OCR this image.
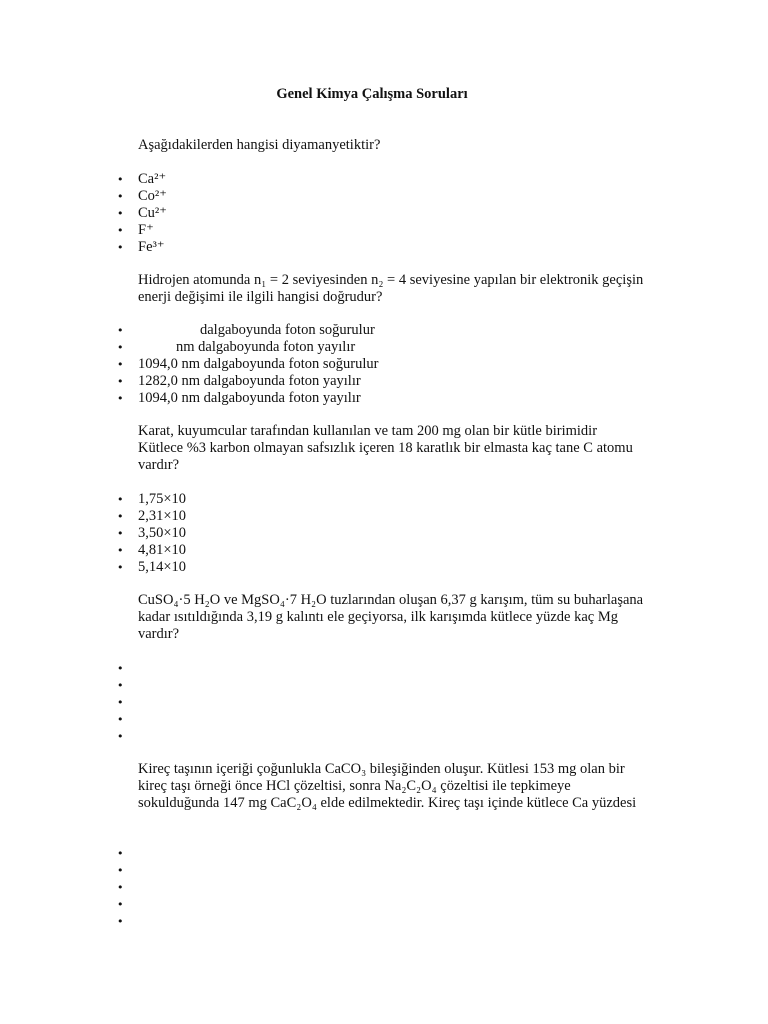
Genel Kimya Çalışma Soruları
Aşağıdakilerden hangisi diyamanyetiktir?
• Ca²⁺
• Co²⁺
• Cu²⁺
• F⁺
• Fe³⁺
Hidrojen atomunda n₁ = 2 seviyesinden n₂ = 4 seviyesine yapılan bir elektronik geçişin
enerji değişimi ile ilgili hangisi doğrudur?
• dalgaboyunda foton soğurulur
• nm dalgaboyunda foton yayılır
• 1094,0 nm dalgaboyunda foton soğurulur
• 1282,0 nm dalgaboyunda foton yayılır
• 1094,0 nm dalgaboyunda foton yayılır
Karat, kuyumcular tarafından kullanılan ve tam 200 mg olan bir kütle birimidir
Kütlece %3 karbon olmayan safsızlık içeren 18 karatlık bir elmasta kaç tane C atomu
vardır?
• 1,75×10
• 2,31×10
• 3,50×10
• 4,81×10
• 5,14×10
CuSO₄·5 H₂O ve MgSO₄·7 H₂O tuzlarından oluşan 6,37 g karışım, tüm su buharlaşana
kadar ısıtıldığında 3,19 g kalıntı ele geçiyorsa, ilk karışımda kütlece yüzde kaç Mg
vardır?
Kireç taşının içeriği çoğunlukla CaCO₃ bileşiğinden oluşur. Kütlesi 153 mg olan bir
kireç taşı örneği önce HCl çözeltisi, sonra Na₂C₂O₄ çözeltisi ile tepkimeye
sokulduğunda 147 mg CaC₂O₄ elde edilmektedir. Kireç taşı içinde kütlece Ca yüzdesi
